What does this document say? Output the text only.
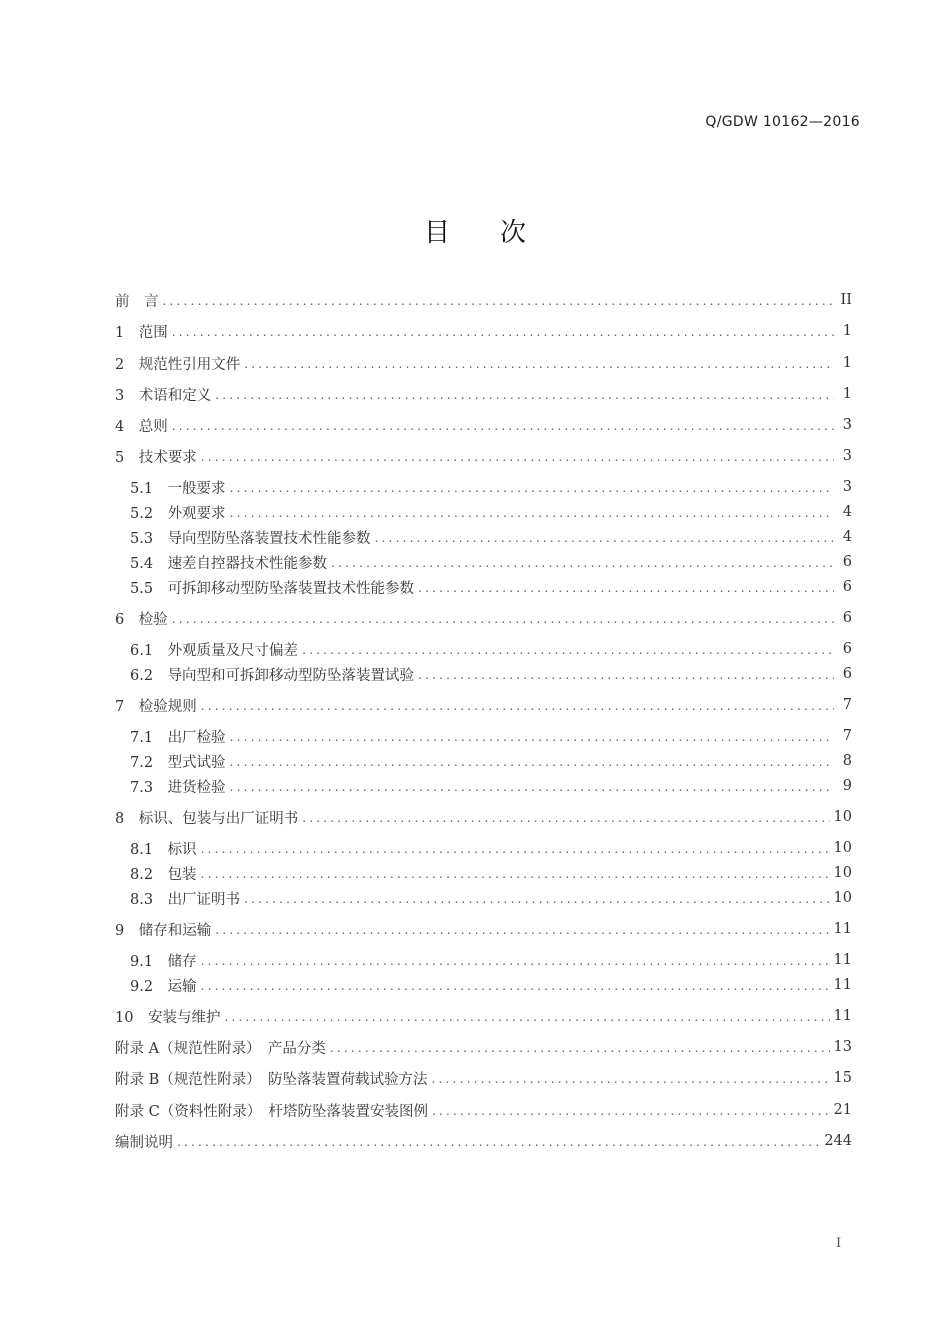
Q/GDW 10162—2016
目 次
前　言 .....	II
1　 范围 .....	1
2　 规范性引用文件 .....	1
3　 术语和定义 .....	1
4　 总则 .....	3
5　 技术要求 .....	3
5.1　 一般要求 .....	3
5.2　 外观要求 .....	4
5.3　 导向型防坠落装置技术性能参数 .....	4
5.4　 速差自控器技术性能参数 .....	6
5.5　 可拆卸移动型防坠落装置技术性能参数 .....	6
6　 检验 .....	6
6.1　 外观质量及尺寸偏差 .....	6
6.2　 导向型和可拆卸移动型防坠落装置试验 .....	6
7　 检验规则 .....	7
7.1　 出厂检验 .....	7
7.2　 型式试验 .....	8
7.3　 进货检验 .....	9
8　 标识、包装与出厂证明书 .....	10
8.1　 标识 .....	10
8.2　 包装 .....	10
8.3　 出厂证明书 .....	10
9　 储存和运输 .....	11
9.1　 储存 .....	11
9.2　 运输 .....	11
10　 安装与维护 .....	11
附录 A（规范性附录）　 产品分类 .....	13
附录 B（规范性附录）　 防坠落装置荷载试验方法 .....	15
附录 C（资料性附录）　 杆塔防坠落装置安装图例 .....	21
编制说明 .....	244
I
